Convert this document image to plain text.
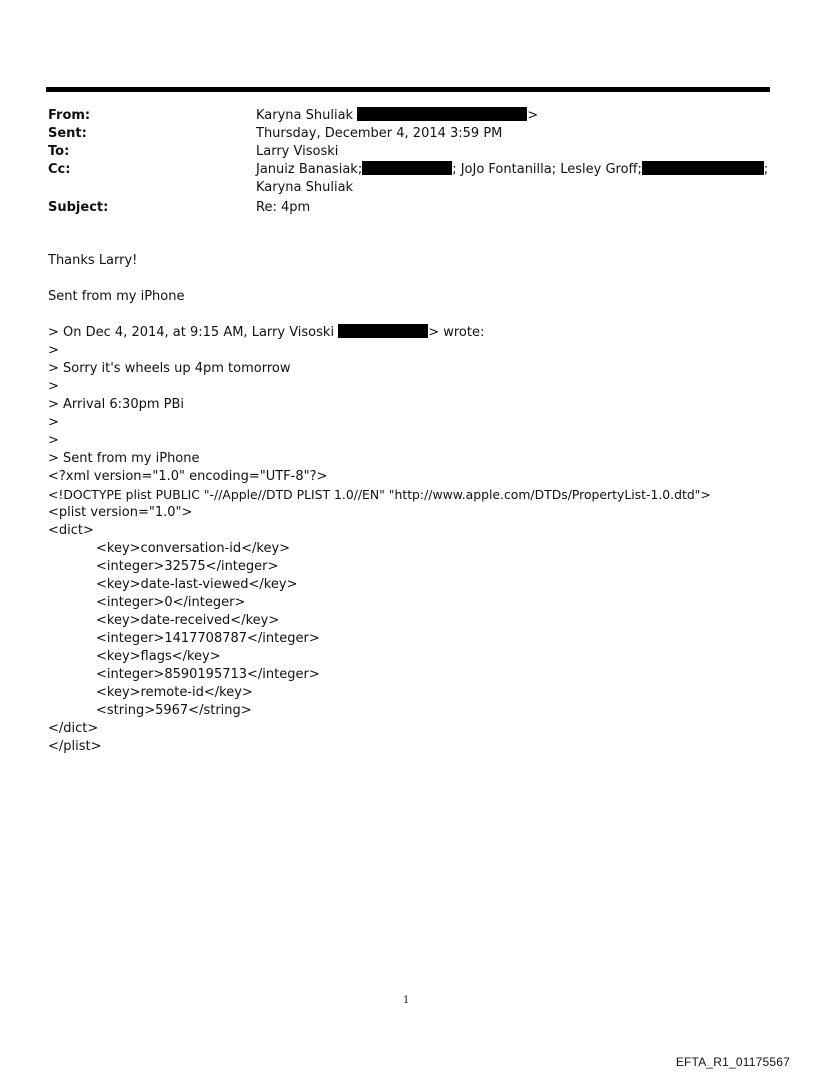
From:	Karyna Shuliak	>
Sent:	Thursday, December 4, 2014 3:59 PM
To:	Larry Visoski
Cc:	Januiz Banasiak;	; JoJo Fontanilla; Lesley Groff;	;
Karyna Shuliak
Subject:	Re: 4pm
Thanks Larry!
Sent from my iPhone
> On Dec 4, 2014, at 9:15 AM, Larry Visoski	> wrote:
>
> Sorry it's wheels up 4pm tomorrow
>
> Arrival 6:30pm PBi
>
>
> Sent from my iPhone
<?xml version="1.0" encoding="UTF-8"?>
<!DOCTYPE plist PUBLIC "-//Apple//DTD PLIST 1.0//EN" "http://www.apple.com/DTDs/PropertyList-1.0.dtd">
<plist version="1.0">
<dict>
<key>conversation-id</key>
<integer>32575</integer>
<key>date-last-viewed</key>
<integer>0</integer>
<key>date-received</key>
<integer>1417708787</integer>
<key>flags</key>
<integer>8590195713</integer>
<key>remote-id</key>
<string>5967</string>
</dict>
</plist>
1
EFTA_R1_01175567
